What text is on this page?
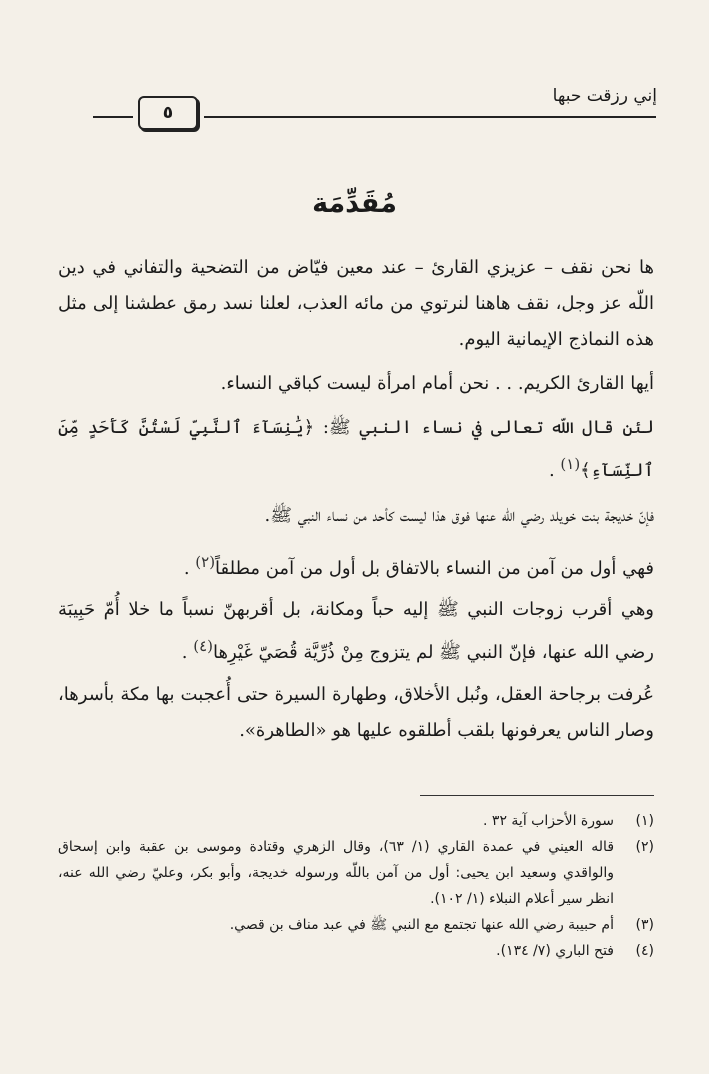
إني رزقت حبها
٥
مُقَدِّمَة
ها نحن نقف – عزيزي القارئ – عند معين فيّاض من التضحية والتفاني في دين اللّه عز وجل، نقف هاهنا لنرتوي من مائه العذب، لعلنا نسد رمق عطشنا إلى مثل هذه النماذج الإيمانية اليوم.
أيها القارئ الكريم. . . نحن أمام امرأة ليست كباقي النساء.
لئن قال اللّه تعالى في نساء النبي ﷺ: ﴿يَٰنِسَآءَ ٱلنَّبِيِّ لَسْتُنَّ كَأَحَدٍ مِّنَ ٱلنِّسَآءِ﴾$^{(١)}$ .
فإنّ خديجة بنت خويلد رضي الله عنها فوق هذا ليست كأحد من نساء النبي ﷺ.
فهي أول من آمن من النساء بالاتفاق بل أول من آمن مطلقاً$^{(٢)}$ .
وهي أقرب زوجات النبي ﷺ إليه حباً ومكانة، بل أقربهنّ نسباً ما خلا أُمّ حَبِيبَة رضي الله عنها، فإنّ النبي ﷺ لم يتزوج مِنْ ذُرِّيَّة قُصَيّ غَيْرِها$^{(٤)}$ .
عُرفت برجاحة العقل، ونُبل الأخلاق، وطهارة السيرة حتى أُعجبت بها مكة بأسرها، وصار الناس يعرفونها بلقب أطلقوه عليها هو «الطاهرة».
(١)
سورة الأحزاب آية ٣٢ .
(٢)
قاله العيني في عمدة القاري (١/ ٦٣)، وقال الزهري وقتادة وموسى بن عقبة وابن إسحاق والواقدي وسعيد ابن يحيى: أول من آمن باللّه ورسوله خديجة، وأبو بكر، وعليّ رضي الله عنه، انظر سير أعلام النبلاء (١/ ١٠٢).
(٣)
أم حبيبة رضي الله عنها تجتمع مع النبي ﷺ في عبد مناف بن قصي.
(٤)
فتح الباري (٧/ ١٣٤).
